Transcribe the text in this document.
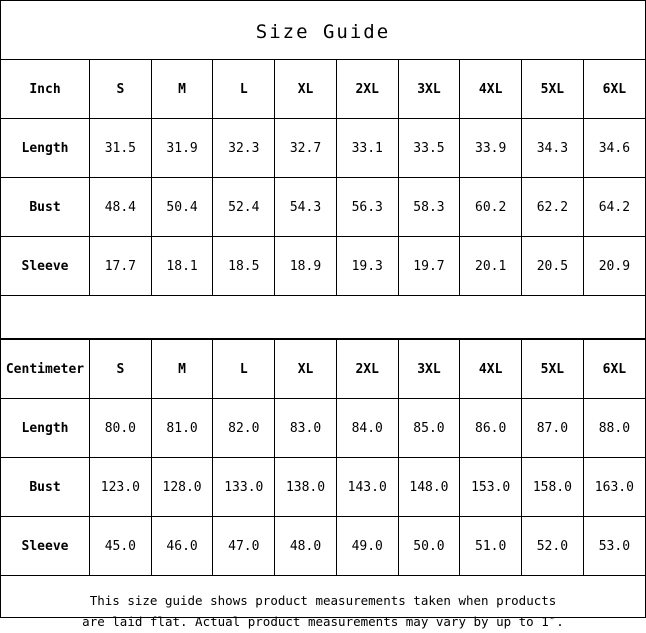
Size Guide
Inch	S	M	L	XL	2XL	3XL	4XL	5XL	6XL
Length	31.5	31.9	32.3	32.7	33.1	33.5	33.9	34.3	34.6
Bust	48.4	50.4	52.4	54.3	56.3	58.3	60.2	62.2	64.2
Sleeve	17.7	18.1	18.5	18.9	19.3	19.7	20.1	20.5	20.9
Centimeter	S	M	L	XL	2XL	3XL	4XL	5XL	6XL
Length	80.0	81.0	82.0	83.0	84.0	85.0	86.0	87.0	88.0
Bust	123.0	128.0	133.0	138.0	143.0	148.0	153.0	158.0	163.0
Sleeve	45.0	46.0	47.0	48.0	49.0	50.0	51.0	52.0	53.0
This size guide shows product measurements taken when products
are laid flat. Actual product measurements may vary by up to 1″.
